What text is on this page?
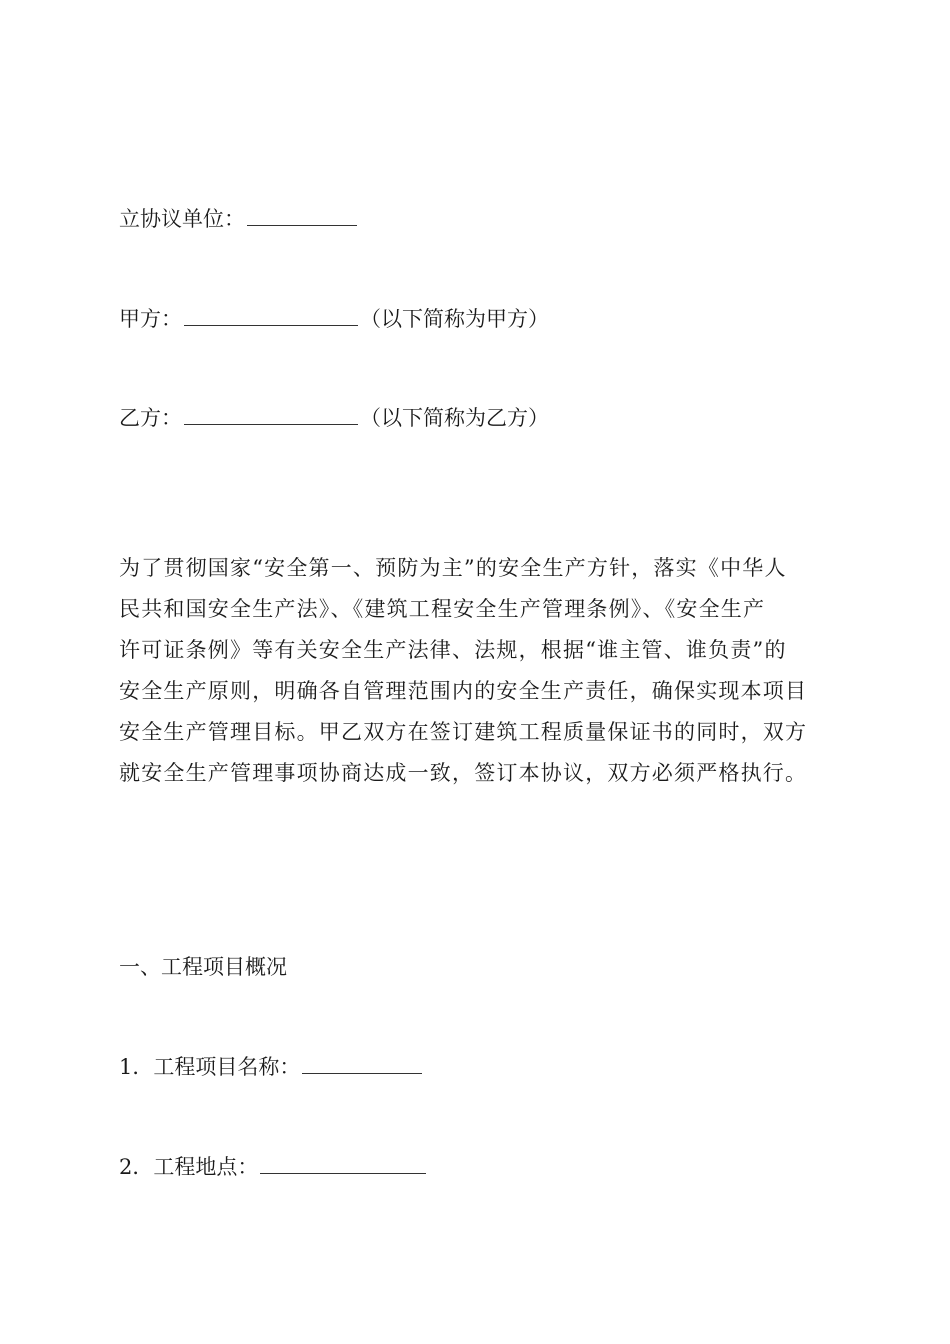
立协议单位：
甲方：	（以下简称为甲方）
乙方：	（以下简称为乙方）
为了贯彻国家“安全第一、预防为主”的安全生产方针，落实《中华人
民共和国安全生产法》、《建筑工程安全生产管理条例》、《安全生产
许可证条例》等有关安全生产法律、法规，根据“谁主管、谁负责”的
安全生产原则，明确各自管理范围内的安全生产责任，确保实现本项目
安全生产管理目标。甲乙双方在签订建筑工程质量保证书的同时，双方
就安全生产管理事项协商达成一致，签订本协议，双方必须严格执行。
一、工程项目概况
1．工程项目名称：
2．工程地点：
